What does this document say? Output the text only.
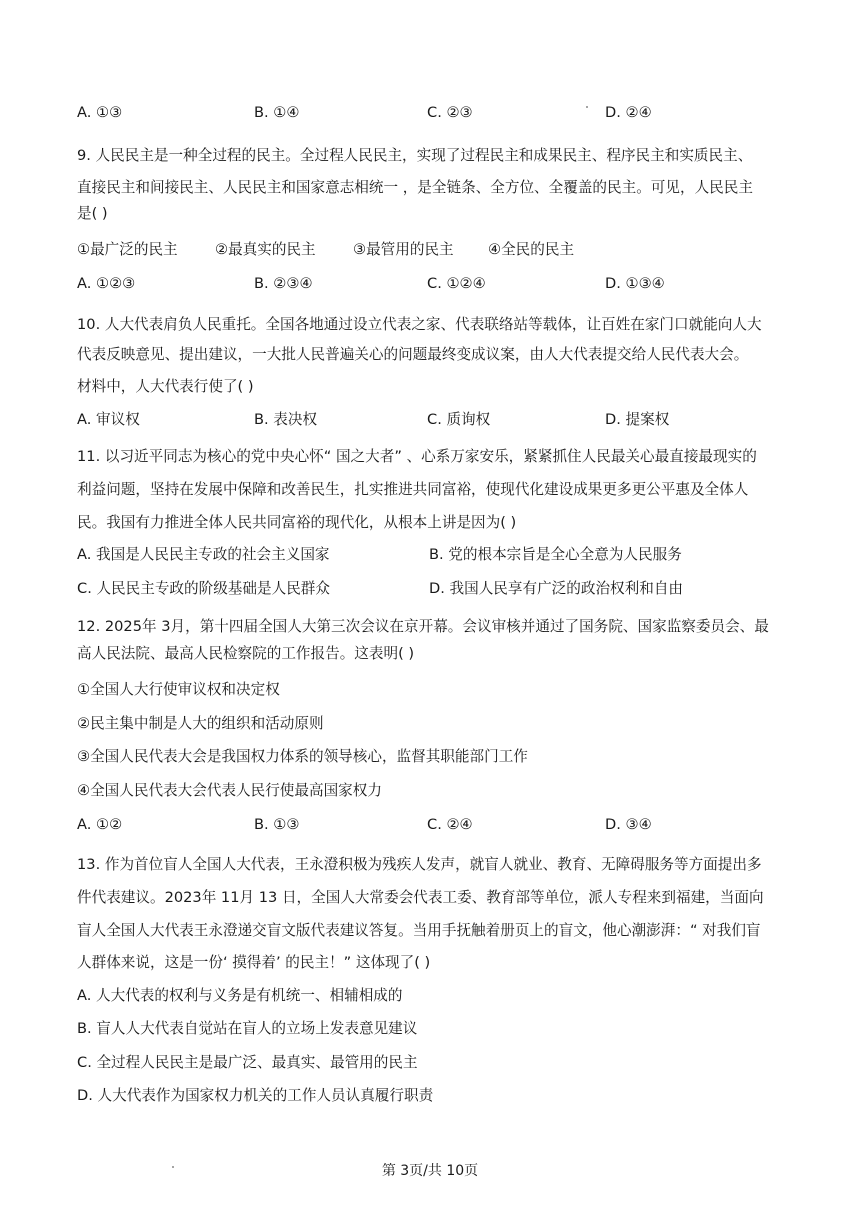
A. ①③	B. ①④	C. ②③	D. ②④
9. 人民民主是一种全过程的民主。全过程人民民主，实现了过程民主和成果民主、程序民主和实质民主、
直接民主和间接民主、人民民主和国家意志相统一 ，是全链条、全方位、全覆盖的民主。可见，人民民主
是( )
①最广泛的民主	②最真实的民主	③最管用的民主 ④全民的民主
A. ①②③	B. ②③④	C. ①②④	D. ①③④
10. 人大代表肩负人民重托。全国各地通过设立代表之家、代表联络站等载体，让百姓在家门口就能向人大
代表反映意见、提出建议，一大批人民普遍关心的问题最终变成议案，由人大代表提交给人民代表大会。
材料中，人大代表行使了( )
A. 审议权	B. 表决权	C. 质询权	D. 提案权
11. 以习近平同志为核心的党中央心怀“ 国之大者” 、心系万家安乐，紧紧抓住人民最关心最直接最现实的
利益问题，坚持在发展中保障和改善民生，扎实推进共同富裕，使现代化建设成果更多更公平惠及全体人
民。我国有力推进全体人民共同富裕的现代化，从根本上讲是因为( )
A. 我国是人民民主专政的社会主义国家	B. 党的根本宗旨是全心全意为人民服务
C. 人民民主专政的阶级基础是人民群众	D. 我国人民享有广泛的政治权利和自由
12. 2025年 3月，第十四届全国人大第三次会议在京开幕。会议审核并通过了国务院、国家监察委员会、最
高人民法院、最高人民检察院的工作报告。这表明( )
①全国人大行使审议权和决定权
②民主集中制是人大的组织和活动原则
③全国人民代表大会是我国权力体系的领导核心，监督其职能部门工作
④全国人民代表大会代表人民行使最高国家权力
A. ①②	B. ①③	C. ②④	D. ③④
13. 作为首位盲人全国人大代表，王永澄积极为残疾人发声，就盲人就业、教育、无障碍服务等方面提出多
件代表建议。2023年 11月 13 日，全国人大常委会代表工委、教育部等单位，派人专程来到福建，当面向
盲人全国人大代表王永澄递交盲文版代表建议答复。当用手抚触着册页上的盲文，他心潮澎湃：“ 对我们盲
人群体来说，这是一份‘ 摸得着’ 的民主！” 这体现了( )
A. 人大代表的权利与义务是有机统一、相辅相成的
B. 盲人人大代表自觉站在盲人的立场上发表意见建议
C. 全过程人民民主是最广泛、最真实、最管用的民主
D. 人大代表作为国家权力机关的工作人员认真履行职责
第 3页/共 10页
